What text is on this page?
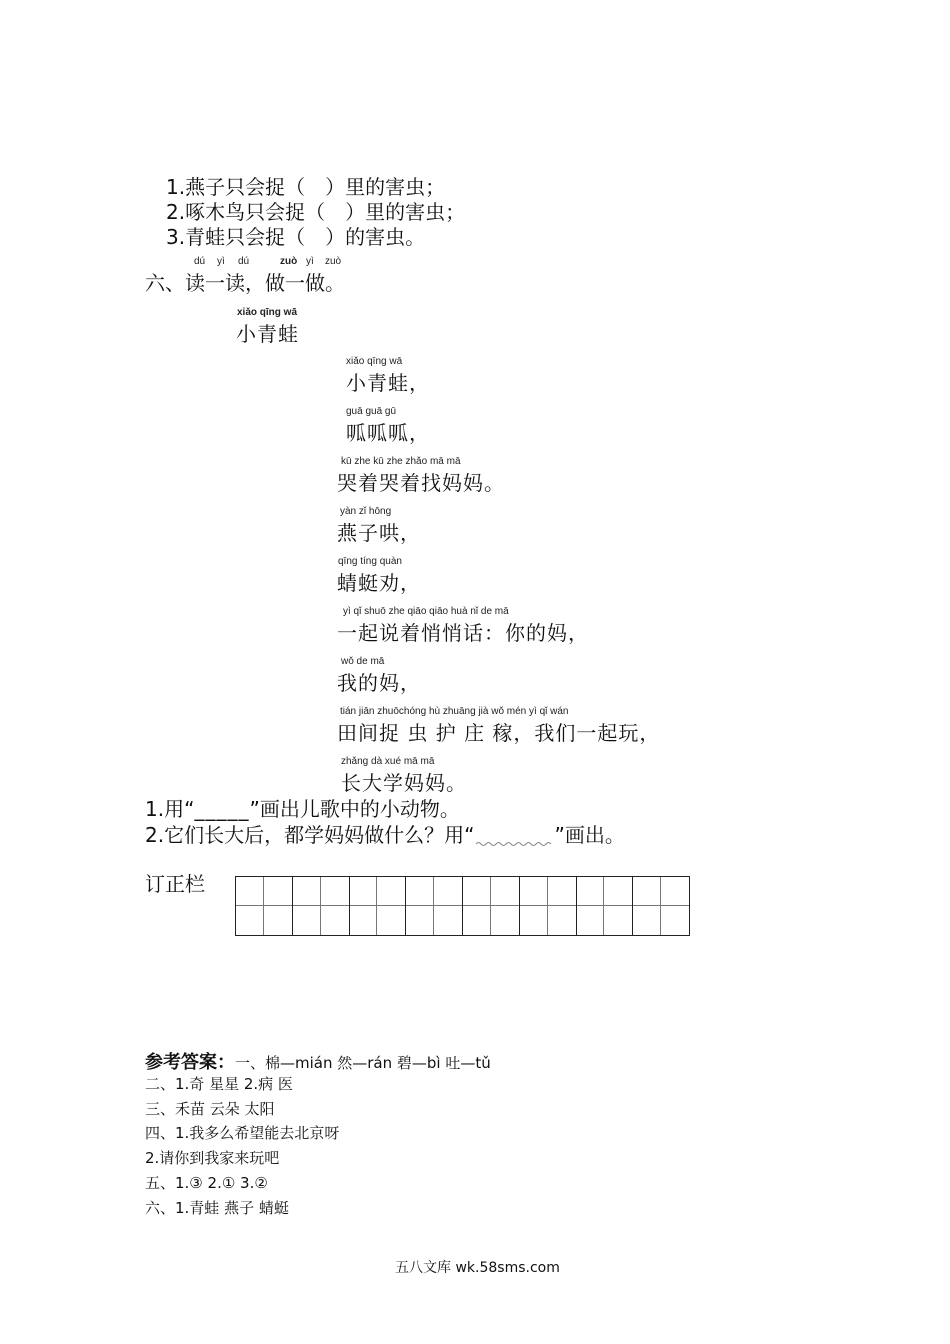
1.燕子只会捉（　）里的害虫；
2.啄木鸟只会捉（　）里的害虫；
3.青蛙只会捉（　）的害虫。
dú yì dú	zuò yì zuò
六、读一读，做一做。
xiǎo qīng wā
小青蛙
xiǎo qīng wā
小青蛙，
guā guā gū
呱呱呱，
kū zhe kū zhe zhǎo mā mā
哭着哭着找妈妈。
yàn zǐ hōng
燕子哄，
qīng tíng quàn
蜻蜓劝，
yì qǐ shuō zhe qiāo qiāo huà nǐ de mā
一起说着悄悄话：你的妈，
wǒ de mā
我的妈，
tián jiān zhuōchóng hù zhuāng jià wǒ mén yì qǐ wán
田间捉 虫 护 庄 稼，我们一起玩，
zhǎng dà xué mā mā
长大学妈妈。
1.用“_____”画出儿歌中的小动物。
2.它们长大后，都学妈妈做什么？用“	”画出。
订正栏
参考答案：一、棉—mián 然—rán 碧—bì 吐—tǔ
二、1.奇 星星 2.病 医
三、禾苗 云朵 太阳
四、1.我多么希望能去北京呀
2.请你到我家来玩吧
五、1.③ 2.① 3.②
六、1.青蛙 燕子 蜻蜓
五八文库 wk.58sms.com
